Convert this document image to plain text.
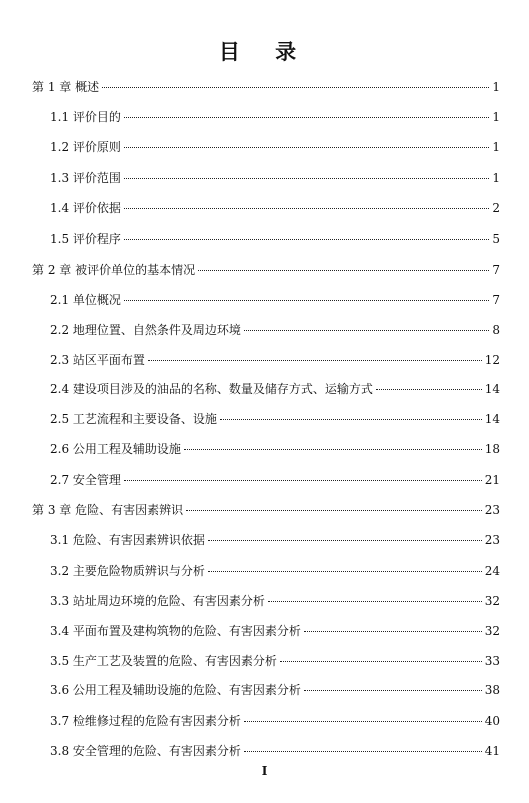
目 录
第 1 章 概述	1
1.1 评价目的	1
1.2 评价原则	1
1.3 评价范围	1
1.4 评价依据	2
1.5 评价程序	5
第 2 章 被评价单位的基本情况	7
2.1 单位概况	7
2.2 地理位置、自然条件及周边环境	8
2.3 站区平面布置	12
2.4 建设项目涉及的油品的名称、数量及储存方式、运输方式	14
2.5 工艺流程和主要设备、设施	14
2.6 公用工程及辅助设施	18
2.7 安全管理	21
第 3 章 危险、有害因素辨识	23
3.1 危险、有害因素辨识依据	23
3.2 主要危险物质辨识与分析	24
3.3 站址周边环境的危险、有害因素分析	32
3.4 平面布置及建构筑物的危险、有害因素分析	32
3.5 生产工艺及装置的危险、有害因素分析	33
3.6 公用工程及辅助设施的危险、有害因素分析	38
3.7 检维修过程的危险有害因素分析	40
3.8 安全管理的危险、有害因素分析	41
I
